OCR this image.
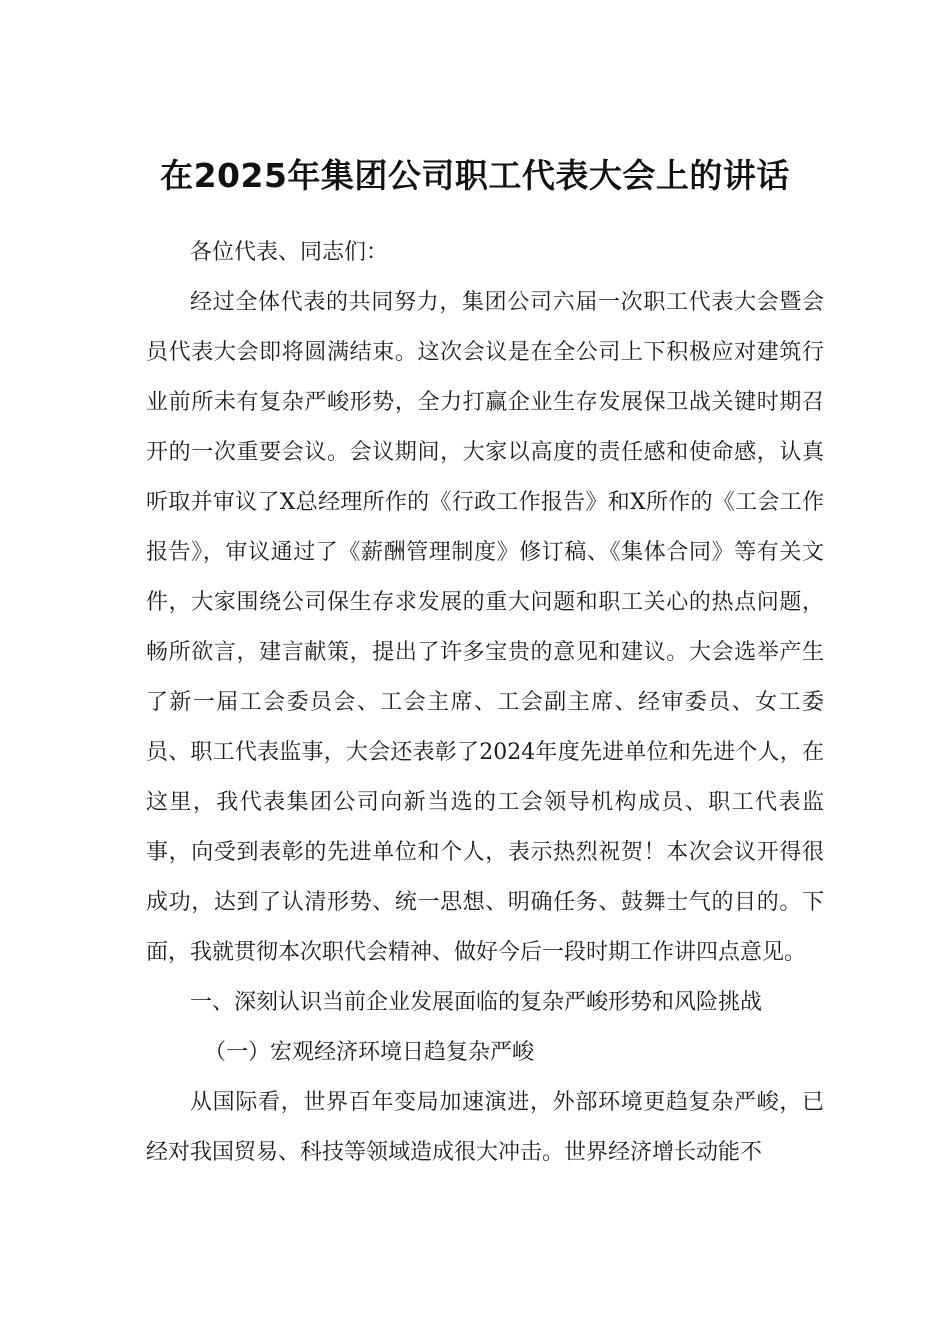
在2025年集团公司职工代表大会上的讲话

各位代表、同志们：

经过全体代表的共同努力，集团公司六届一次职工代表大会暨会员代表大会即将圆满结束。这次会议是在全公司上下积极应对建筑行业前所未有复杂严峻形势，全力打赢企业生存发展保卫战关键时期召开的一次重要会议。会议期间，大家以高度的责任感和使命感，认真听取并审议了X总经理所作的《行政工作报告》和X所作的《工会工作报告》，审议通过了《薪酬管理制度》修订稿、《集体合同》等有关文件，大家围绕公司保生存求发展的重大问题和职工关心的热点问题，畅所欲言，建言献策，提出了许多宝贵的意见和建议。大会选举产生了新一届工会委员会、工会主席、工会副主席、经审委员、女工委员、职工代表监事，大会还表彰了2024年度先进单位和先进个人，在这里，我代表集团公司向新当选的工会领导机构成员、职工代表监事，向受到表彰的先进单位和个人，表示热烈祝贺！本次会议开得很成功，达到了认清形势、统一思想、明确任务、鼓舞士气的目的。下面，我就贯彻本次职代会精神、做好今后一段时期工作讲四点意见。

一、深刻认识当前企业发展面临的复杂严峻形势和风险挑战

（一）宏观经济环境日趋复杂严峻

从国际看，世界百年变局加速演进，外部环境更趋复杂严峻，已经对我国贸易、科技等领域造成很大冲击。世界经济增长动能不
